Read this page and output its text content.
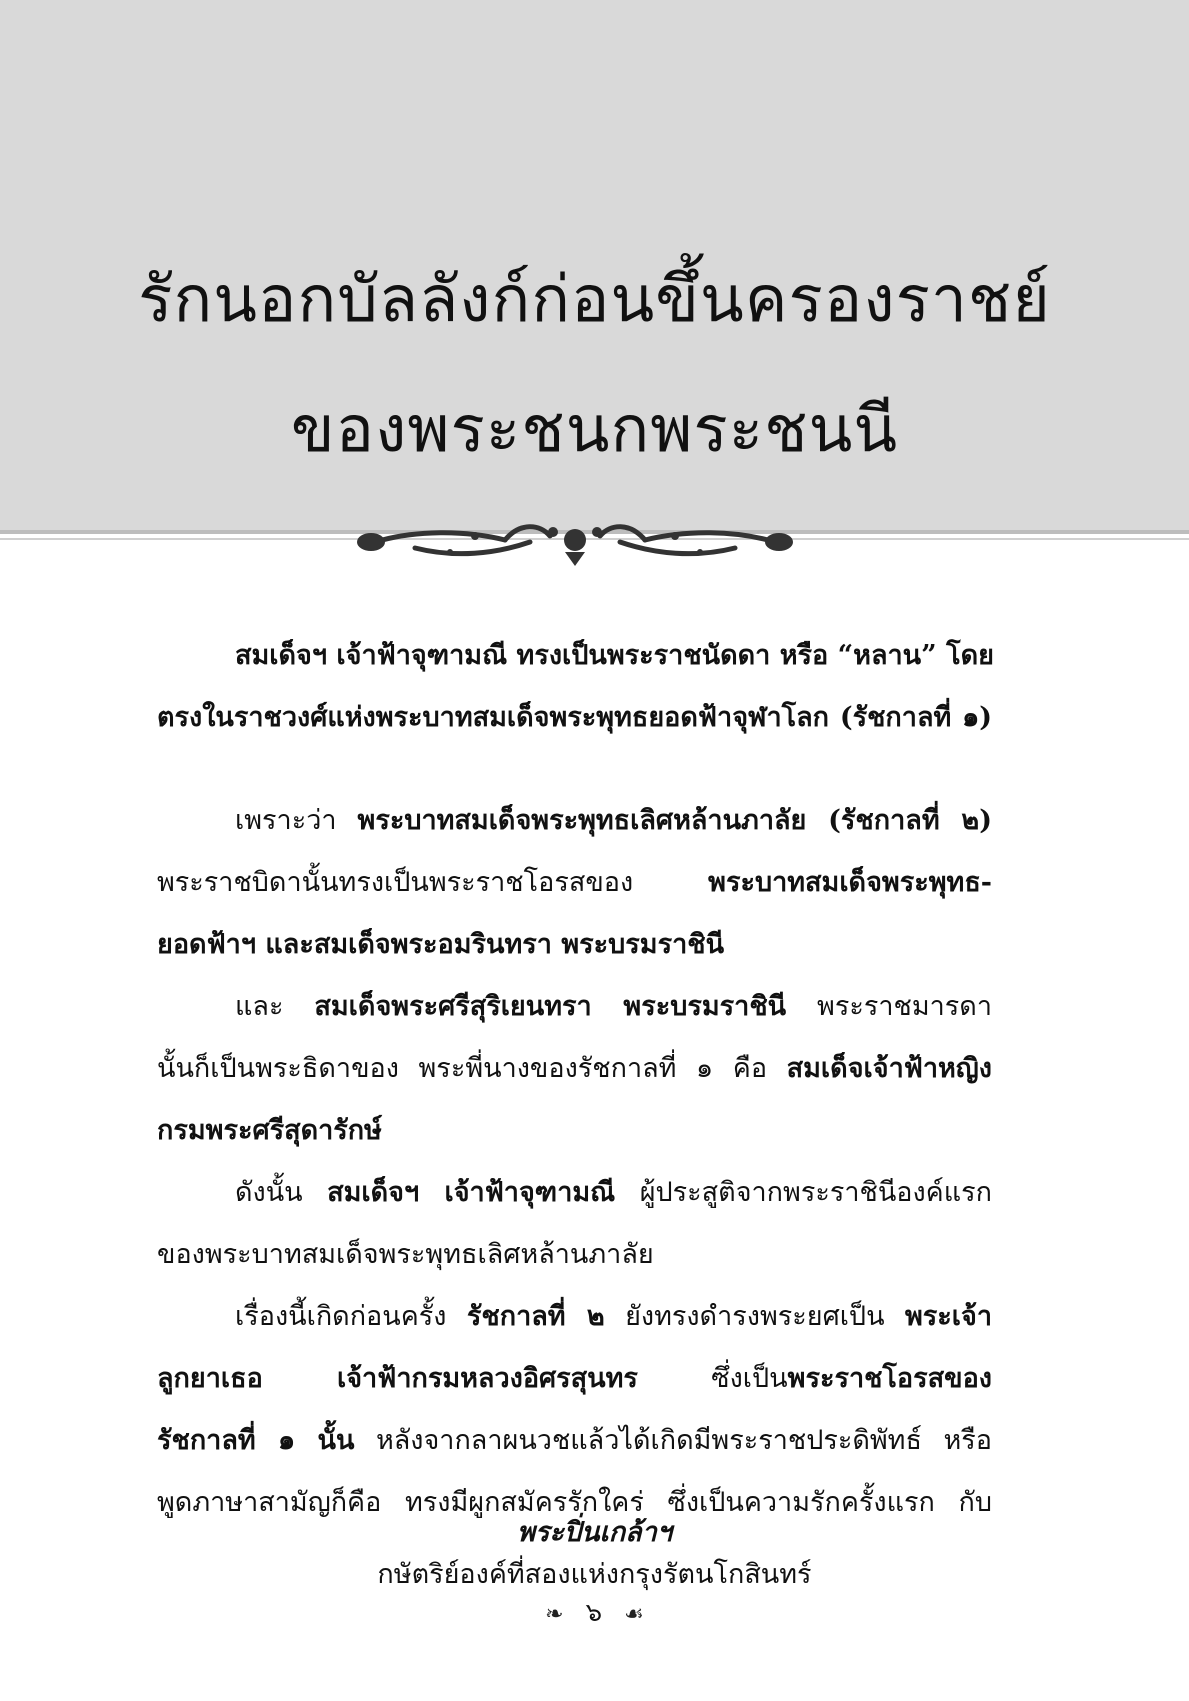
รักนอกบัลลังก์ก่อนขึ้นครองราชย์
ของพระชนกพระชนนี
สมเด็จฯ เจ้าฟ้าจุฑามณี ทรงเป็นพระราชนัดดา หรือ “หลาน” โดย
ตรงในราชวงศ์แห่งพระบาทสมเด็จพระพุทธยอดฟ้าจุฬาโลก (รัชกาลที่ ๑)
เพราะว่า พระบาทสมเด็จพระพุทธเลิศหล้านภาลัย (รัชกาลที่ ๒)
พระราชบิดานั้นทรงเป็นพระราชโอรสของ พระบาทสมเด็จพระพุทธ-
ยอดฟ้าฯ และสมเด็จพระอมรินทรา พระบรมราชินี
และ สมเด็จพระศรีสุริเยนทรา พระบรมราชินี พระราชมารดา
นั้นก็เป็นพระธิดาของ พระพี่นางของรัชกาลที่ ๑ คือ สมเด็จเจ้าฟ้าหญิง
กรมพระศรีสุดารักษ์
ดังนั้น สมเด็จฯ เจ้าฟ้าจุฑามณี ผู้ประสูติจากพระราชินีองค์แรก
ของพระบาทสมเด็จพระพุทธเลิศหล้านภาลัย
เรื่องนี้เกิดก่อนครั้ง รัชกาลที่ ๒ ยังทรงดำรงพระยศเป็น พระเจ้า
ลูกยาเธอ เจ้าฟ้ากรมหลวงอิศรสุนทร ซึ่งเป็นพระราชโอรสของ
รัชกาลที่ ๑ นั้น หลังจากลาผนวชแล้วได้เกิดมีพระราชประดิพัทธ์ หรือ
พูดภาษาสามัญก็คือ ทรงมีผูกสมัครรักใคร่ ซึ่งเป็นความรักครั้งแรก กับ
พระปิ่นเกล้าฯ
กษัตริย์องค์ที่สองแห่งกรุงรัตนโกสินทร์
❧ ๖ ☙
